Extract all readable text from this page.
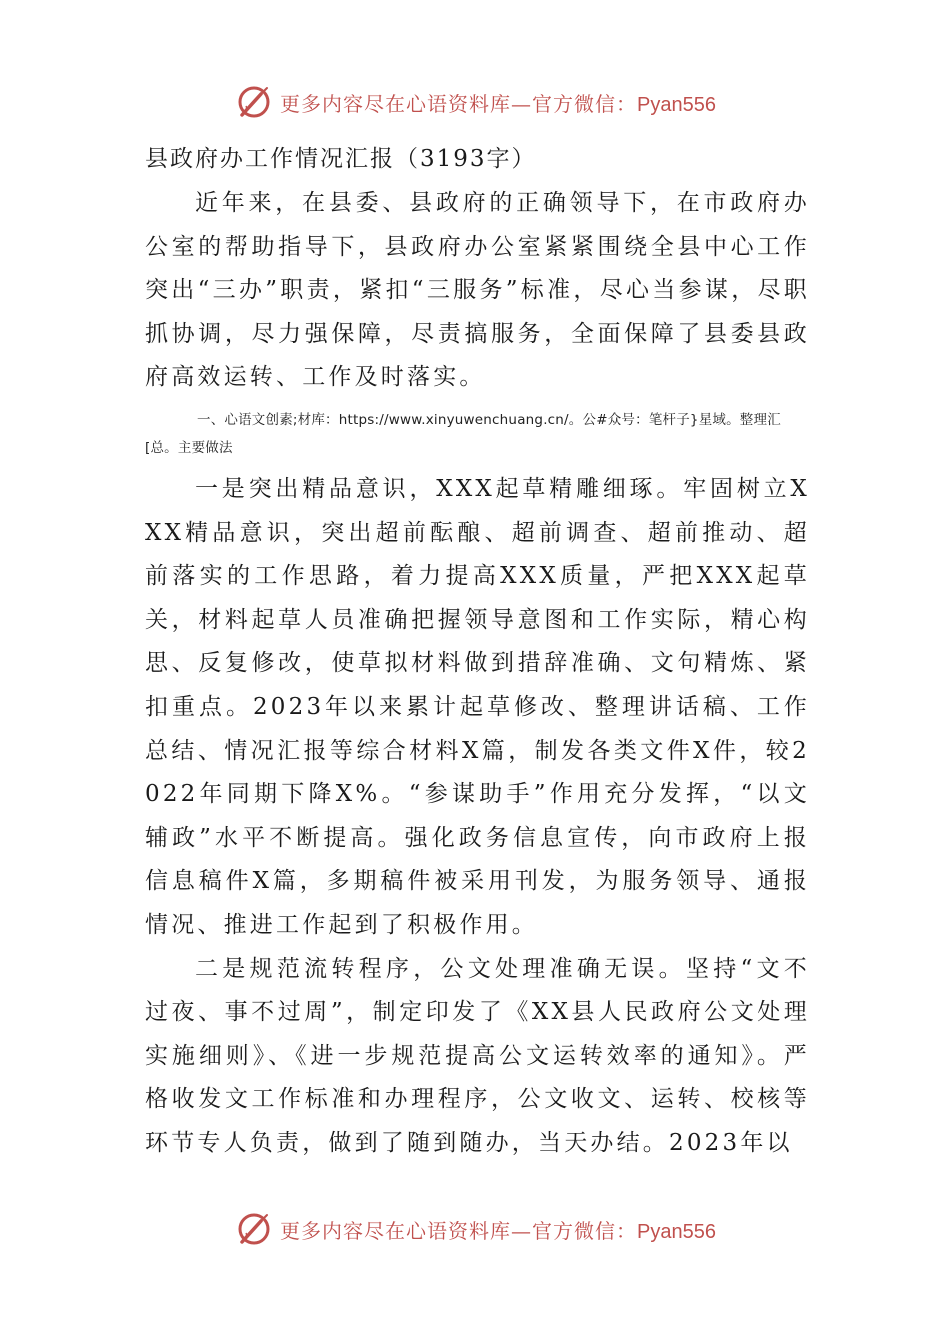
更多内容尽在心语资料库—官方微信：Pyan556
县政府办工作情况汇报（3193字）

近年来，在县委、县政府的正确领导下，在市政府办公室的帮助指导下，县政府办公室紧紧围绕全县中心工作突出“三办”职责，紧扣“三服务”标准，尽心当参谋，尽职抓协调，尽力强保障，尽责搞服务，全面保障了县委县政府高效运转、工作及时落实。

一、心语文创素;材库：https://www.xinyuwenchuang.cn/。公#众号：笔杆子}星域。整理汇[总。主要做法

一是突出精品意识，XXX起草精雕细琢。牢固树立XXX精品意识，突出超前酝酿、超前调查、超前推动、超前落实的工作思路，着力提高XXX质量，严把XXX起草关，材料起草人员准确把握领导意图和工作实际，精心构思、反复修改，使草拟材料做到措辞准确、文句精炼、紧扣重点。2023年以来累计起草修改、整理讲话稿、工作总结、情况汇报等综合材料X篇，制发各类文件X件，较2022年同期下降X%。“参谋助手”作用充分发挥，“以文辅政”水平不断提高。强化政务信息宣传，向市政府上报信息稿件X篇，多期稿件被采用刊发，为服务领导、通报情况、推进工作起到了积极作用。

二是规范流转程序，公文处理准确无误。坚持“文不过夜、事不过周”，制定印发了《XX县人民政府公文处理实施细则》、《进一步规范提高公文运转效率的通知》。严格收发文工作标准和办理程序，公文收文、运转、校核等环节专人负责，做到了随到随办，当天办结。2023年以

更多内容尽在心语资料库—官方微信：Pyan556
